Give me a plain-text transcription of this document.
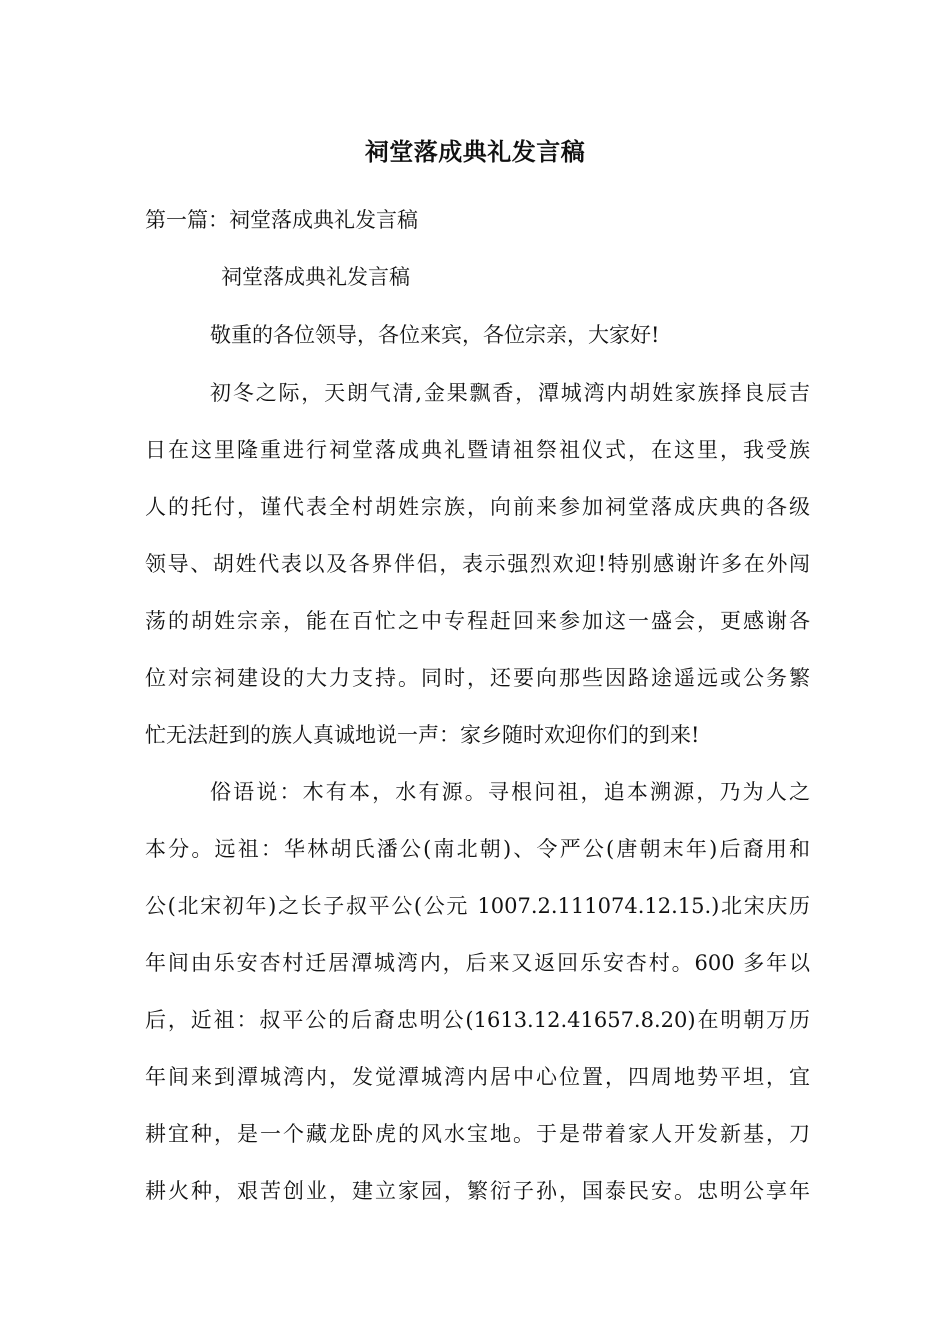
祠堂落成典礼发言稿
第一篇：祠堂落成典礼发言稿
祠堂落成典礼发言稿
敬重的各位领导，各位来宾，各位宗亲，大家好!
初冬之际，天朗气清,金果飘香，潭城湾内胡姓家族择良辰吉
日在这里隆重进行祠堂落成典礼暨请祖祭祖仪式，在这里，我受族
人的托付，谨代表全村胡姓宗族，向前来参加祠堂落成庆典的各级
领导、胡姓代表以及各界伴侣，表示强烈欢迎!特别感谢许多在外闯
荡的胡姓宗亲，能在百忙之中专程赶回来参加这一盛会，更感谢各
位对宗祠建设的大力支持。同时，还要向那些因路途遥远或公务繁
忙无法赶到的族人真诚地说一声：家乡随时欢迎你们的到来!
俗语说：木有本，水有源。寻根问祖，追本溯源，乃为人之
本分。远祖：华林胡氏潘公(南北朝)、令严公(唐朝末年)后裔用和
公(北宋初年)之长子叔平公(公元 1007.2.111074.12.15.)北宋庆历
年间由乐安杏村迁居潭城湾内，后来又返回乐安杏村。600 多年以
后，近祖：叔平公的后裔忠明公(1613.12.41657.8.20)在明朝万历
年间来到潭城湾内，发觉潭城湾内居中心位置，四周地势平坦，宜
耕宜种，是一个藏龙卧虎的风水宝地。于是带着家人开发新基，刀
耕火种，艰苦创业，建立家园，繁衍子孙，国泰民安。忠明公享年
